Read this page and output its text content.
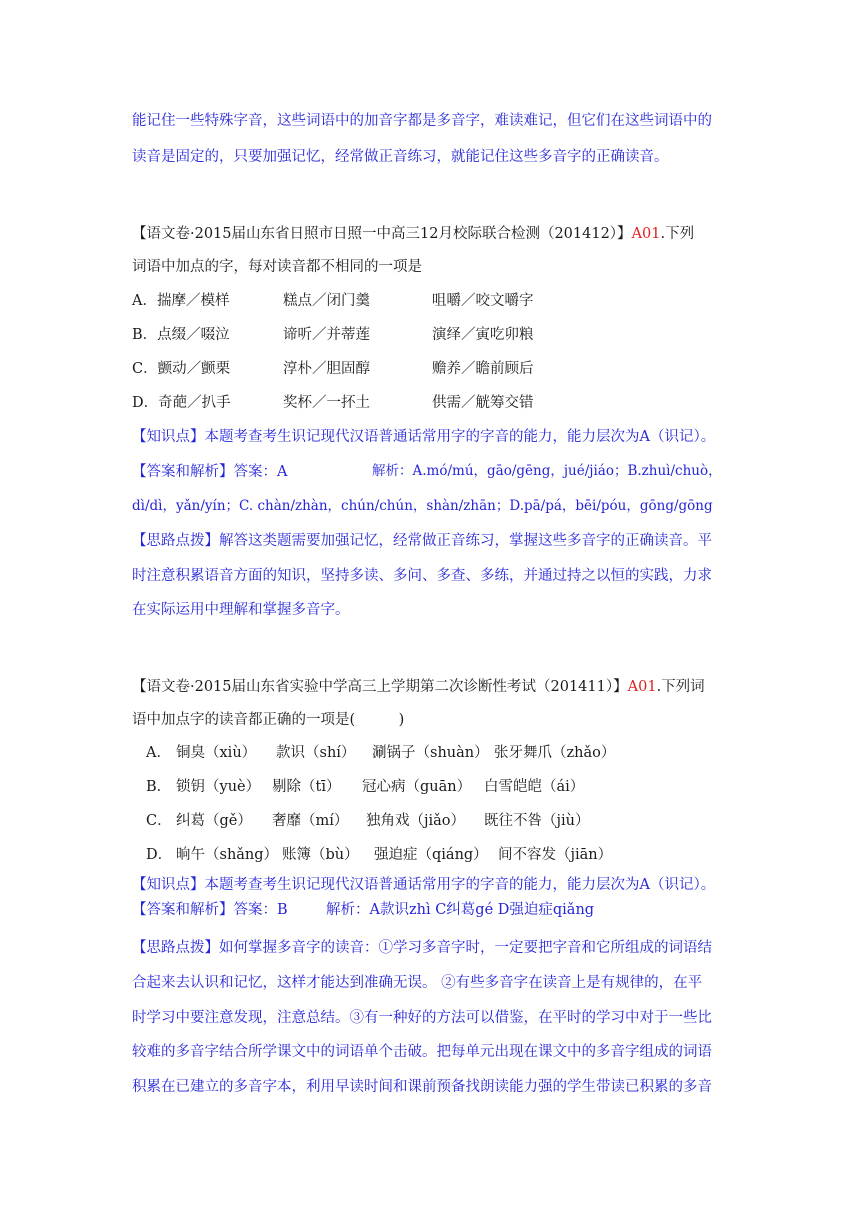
能记住一些特殊字音，这些词语中的加音字都是多音字，难读难记，但它们在这些词语中的
读音是固定的，只要加强记忆，经常做正音练习，就能记住这些多音字的正确读音。
【语文卷·2015届山东省日照市日照一中高三12月校际联合检测（201412）】A01.下列
词语中加点的字，每对读音都不相同的一项是
A．揣摩／模样	糕点／闭门羹	咀嚼／咬文嚼字
B．点缀／啜泣	谛听／并蒂莲	演绎／寅吃卯粮
C．颤动／颤栗	淳朴／胆固醇	赡养／瞻前顾后
D．奇葩／扒手	奖杯／一抔土	供需／觥筹交错
【知识点】本题考查考生识记现代汉语普通话常用字的字音的能力，能力层次为A（识记）。
【答案和解析】答案：A	解析：A.mó/mú，gāo/gēng，jué/jiáo；B.zhuì/chuò，
dì/dì，yǎn/yín；C. chàn/zhàn，chún/chún，shàn/zhān；D.pā/pá，bēi/póu，gōng/gōng
【思路点拨】解答这类题需要加强记忆，经常做正音练习，掌握这些多音字的正确读音。平
时注意积累语音方面的知识，坚持多读、多问、多查、多练，并通过持之以恒的实践，力求
在实际运用中理解和掌握多音字。
【语文卷·2015届山东省实验中学高三上学期第二次诊断性考试（201411）】A01.下列词
语中加点字的读音都正确的一项是(　　　)
A． 铜臭（xiù） 款识（shí） 涮锅子（shuàn） 张牙舞爪（zhǎo）
B． 锁钥（yuè） 剔除（tī） 冠心病（guān） 白雪皑皑（ái）
C． 纠葛（gě） 奢靡（mí） 独角戏（jiǎo） 既往不咎（jiù）
D． 晌午（shǎng） 账簿（bù） 强迫症（qiáng） 间不容发（jiān）
【知识点】本题考查考生识记现代汉语普通话常用字的字音的能力，能力层次为A（识记）。
【答案和解析】答案：B	解析：A款识zhì C纠葛gé D强迫症qiǎng
【思路点拨】如何掌握多音字的读音：①学习多音字时，一定要把字音和它所组成的词语结
合起来去认识和记忆，这样才能达到准确无误。 ②有些多音字在读音上是有规律的，在平
时学习中要注意发现，注意总结。③有一种好的方法可以借鉴，在平时的学习中对于一些比
较难的多音字结合所学课文中的词语单个击破。把每单元出现在课文中的多音字组成的词语
积累在已建立的多音字本，利用早读时间和课前预备找朗读能力强的学生带读已积累的多音
